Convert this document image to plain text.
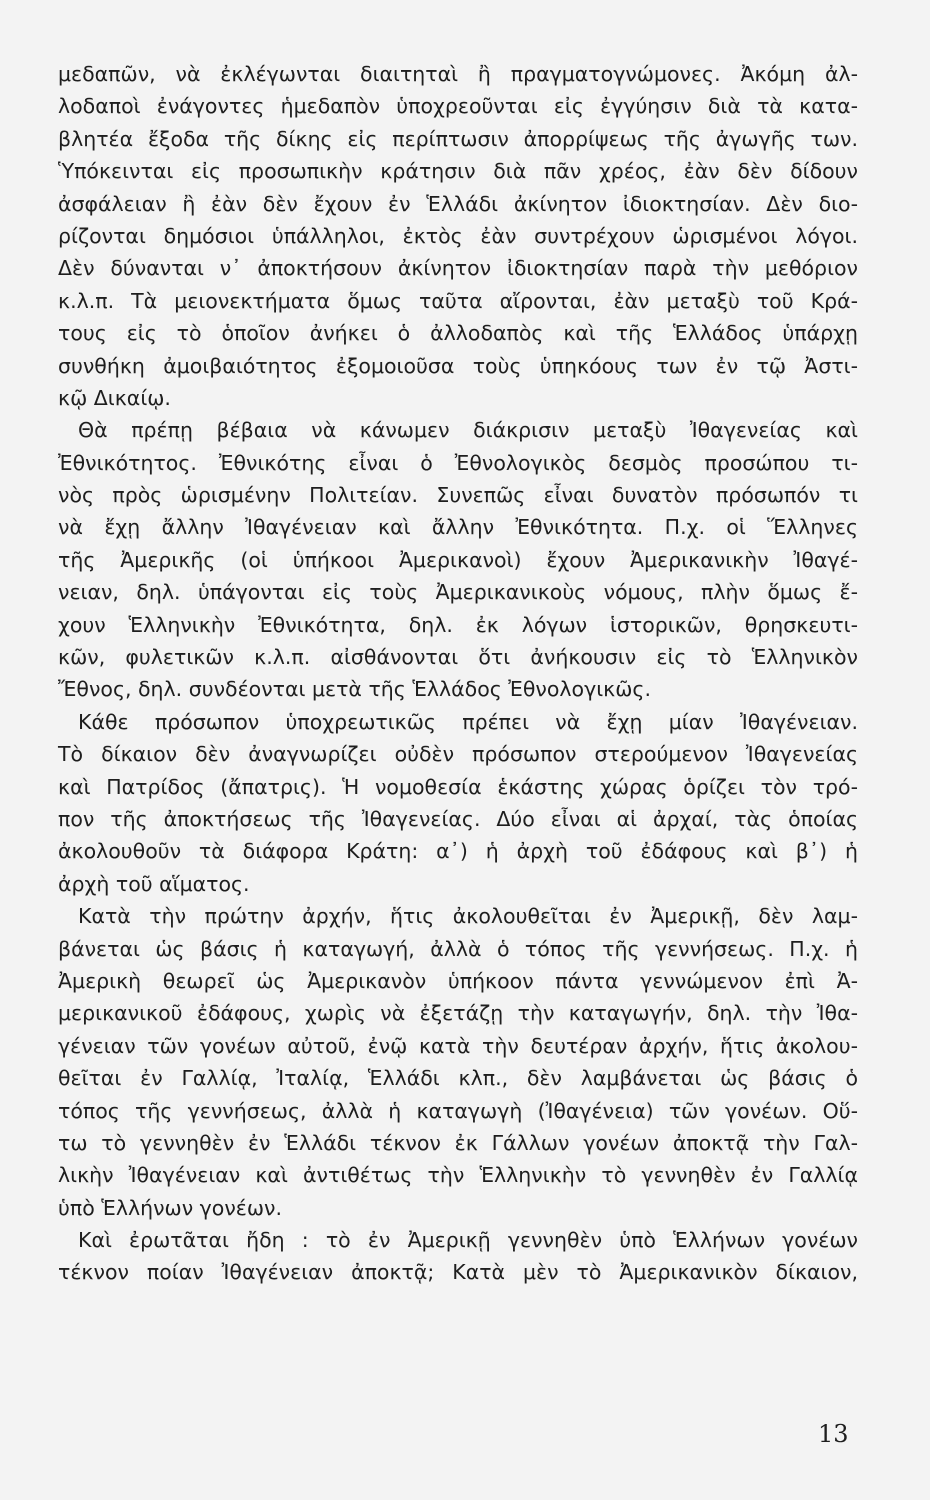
μεδαπῶν, νὰ ἐκλέγωνται διαιτηταὶ ἢ πραγματογνώμονες. Ἀκόμη ἀλ-
λοδαποὶ ἐνάγοντες ἡμεδαπὸν ὑποχρεοῦνται εἰς ἐγγύησιν διὰ τὰ κατα-
βλητέα ἔξοδα τῆς δίκης εἰς περίπτωσιν ἀπορρίψεως τῆς ἀγωγῆς των.
Ὑπόκεινται εἰς προσωπικὴν κράτησιν διὰ πᾶν χρέος, ἐὰν δὲν δίδουν
ἀσφάλειαν ἢ ἐὰν δὲν ἔχουν ἐν Ἑλλάδι ἀκίνητον ἰδιοκτησίαν. Δὲν διο-
ρίζονται δημόσιοι ὑπάλληλοι, ἐκτὸς ἐὰν συντρέχουν ὡρισμένοι λόγοι.
Δὲν δύνανται ν᾽ ἀποκτήσουν ἀκίνητον ἰδιοκτησίαν παρὰ τὴν μεθόριον
κ.λ.π. Τὰ μειονεκτήματα ὅμως ταῦτα αἴρονται, ἐὰν μεταξὺ τοῦ Κρά-
τους εἰς τὸ ὁποῖον ἀνήκει ὁ ἀλλοδαπὸς καὶ τῆς Ἑλλάδος ὑπάρχῃ
συνθήκη ἀμοιβαιότητος ἐξομοιοῦσα τοὺς ὑπηκόους των ἐν τῷ Ἀστι-
κῷ Δικαίῳ.
Θὰ πρέπῃ βέβαια νὰ κάνωμεν διάκρισιν μεταξὺ Ἰθαγενείας καὶ
Ἐθνικότητος. Ἐθνικότης εἶναι ὁ Ἐθνολογικὸς δεσμὸς προσώπου τι-
νὸς πρὸς ὡρισμένην Πολιτείαν. Συνεπῶς εἶναι δυνατὸν πρόσωπόν τι
νὰ ἔχῃ ἄλλην Ἰθαγένειαν καὶ ἄλλην Ἐθνικότητα. Π.χ. οἱ Ἕλληνες
τῆς Ἀμερικῆς (οἱ ὑπήκοοι Ἀμερικανοὶ) ἔχουν Ἀμερικανικὴν Ἰθαγέ-
νειαν, δηλ. ὑπάγονται εἰς τοὺς Ἀμερικανικοὺς νόμους, πλὴν ὅμως ἔ-
χουν Ἑλληνικὴν Ἐθνικότητα, δηλ. ἐκ λόγων ἱστορικῶν, θρησκευτι-
κῶν, φυλετικῶν κ.λ.π. αἰσθάνονται ὅτι ἀνήκουσιν εἰς τὸ Ἑλληνικὸν
Ἔθνος, δηλ. συνδέονται μετὰ τῆς Ἑλλάδος Ἐθνολογικῶς.
Κάθε πρόσωπον ὑποχρεωτικῶς πρέπει νὰ ἔχῃ μίαν Ἰθαγένειαν.
Τὸ δίκαιον δὲν ἀναγνωρίζει οὐδὲν πρόσωπον στερούμενον Ἰθαγενείας
καὶ Πατρίδος (ἄπατρις). Ἡ νομοθεσία ἑκάστης χώρας ὁρίζει τὸν τρό-
πον τῆς ἀποκτήσεως τῆς Ἰθαγενείας. Δύο εἶναι αἱ ἀρχαί, τὰς ὁποίας
ἀκολουθοῦν τὰ διάφορα Κράτη: α᾽) ἡ ἀρχὴ τοῦ ἐδάφους καὶ β᾽) ἡ
ἀρχὴ τοῦ αἵματος.
Κατὰ τὴν πρώτην ἀρχήν, ἥτις ἀκολουθεῖται ἐν Ἀμερικῇ, δὲν λαμ-
βάνεται ὡς βάσις ἡ καταγωγή, ἀλλὰ ὁ τόπος τῆς γεννήσεως. Π.χ. ἡ
Ἀμερικὴ θεωρεῖ ὡς Ἀμερικανὸν ὑπήκοον πάντα γεννώμενον ἐπὶ Ἀ-
μερικανικοῦ ἐδάφους, χωρὶς νὰ ἐξετάζῃ τὴν καταγωγήν, δηλ. τὴν Ἰθα-
γένειαν τῶν γονέων αὐτοῦ, ἐνῷ κατὰ τὴν δευτέραν ἀρχήν, ἥτις ἀκολου-
θεῖται ἐν Γαλλίᾳ, Ἰταλίᾳ, Ἑλλάδι κλπ., δὲν λαμβάνεται ὡς βάσις ὁ
τόπος τῆς γεννήσεως, ἀλλὰ ἡ καταγωγὴ (Ἰθαγένεια) τῶν γονέων. Οὕ-
τω τὸ γεννηθὲν ἐν Ἑλλάδι τέκνον ἐκ Γάλλων γονέων ἀποκτᾷ τὴν Γαλ-
λικὴν Ἰθαγένειαν καὶ ἀντιθέτως τὴν Ἑλληνικὴν τὸ γεννηθὲν ἐν Γαλλίᾳ
ὑπὸ Ἑλλήνων γονέων.
Καὶ ἐρωτᾶται ἤδη : τὸ ἐν Ἀμερικῇ γεννηθὲν ὑπὸ Ἑλλήνων γονέων
τέκνον ποίαν Ἰθαγένειαν ἀποκτᾷ; Κατὰ μὲν τὸ Ἀμερικανικὸν δίκαιον,
13
